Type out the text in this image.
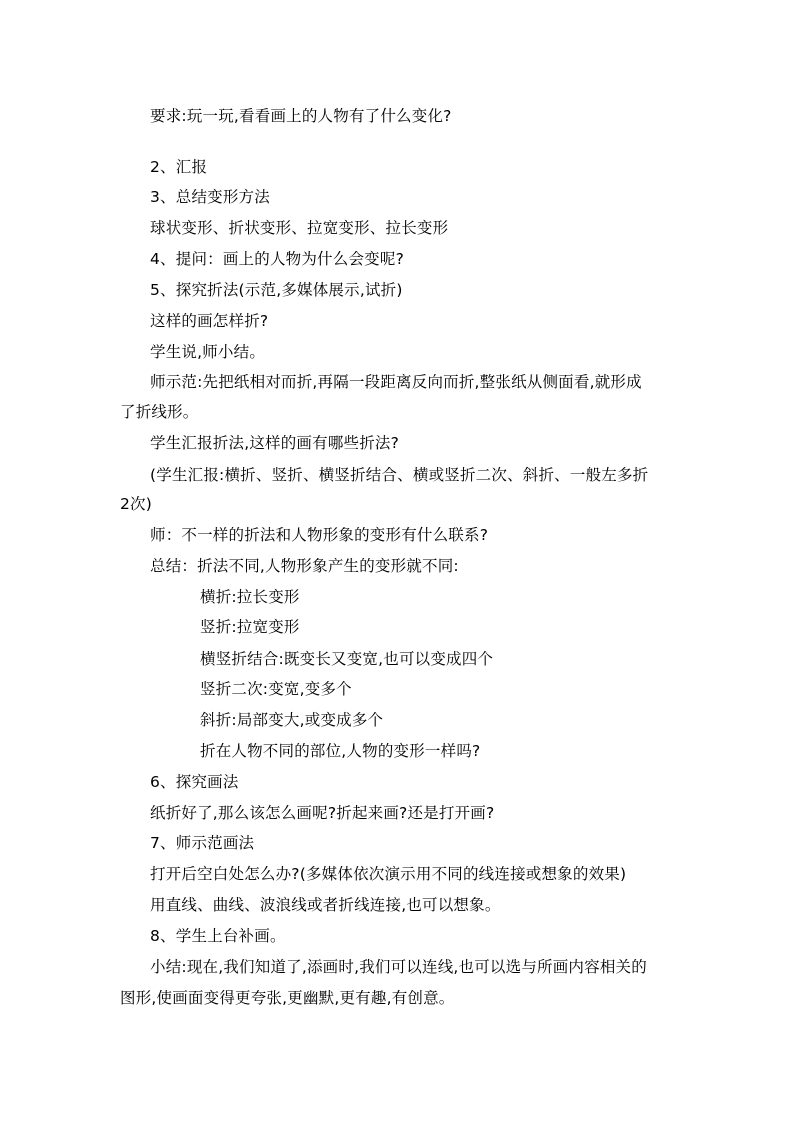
要求:玩一玩,看看画上的人物有了什么变化?
2、汇报
3、总结变形方法
球状变形、折状变形、拉宽变形、拉长变形
4、提问：画上的人物为什么会变呢?
5、探究折法(示范,多媒体展示,试折)
这样的画怎样折?
学生说,师小结。
师示范:先把纸相对而折,再隔一段距离反向而折,整张纸从侧面看,就形成
了折线形。
学生汇报折法,这样的画有哪些折法?
(学生汇报:横折、竖折、横竖折结合、横或竖折二次、斜折、一般左多折
2次)
师：不一样的折法和人物形象的变形有什么联系?
总结：折法不同,人物形象产生的变形就不同:
横折:拉长变形
竖折:拉宽变形
横竖折结合:既变长又变宽,也可以变成四个
竖折二次:变宽,变多个
斜折:局部变大,或变成多个
折在人物不同的部位,人物的变形一样吗?
6、探究画法
纸折好了,那么该怎么画呢?折起来画?还是打开画?
7、师示范画法
打开后空白处怎么办?(多媒体依次演示用不同的线连接或想象的效果)
用直线、曲线、波浪线或者折线连接,也可以想象。
8、学生上台补画。
小结:现在,我们知道了,添画时,我们可以连线,也可以选与所画内容相关的
图形,使画面变得更夸张,更幽默,更有趣,有创意。
